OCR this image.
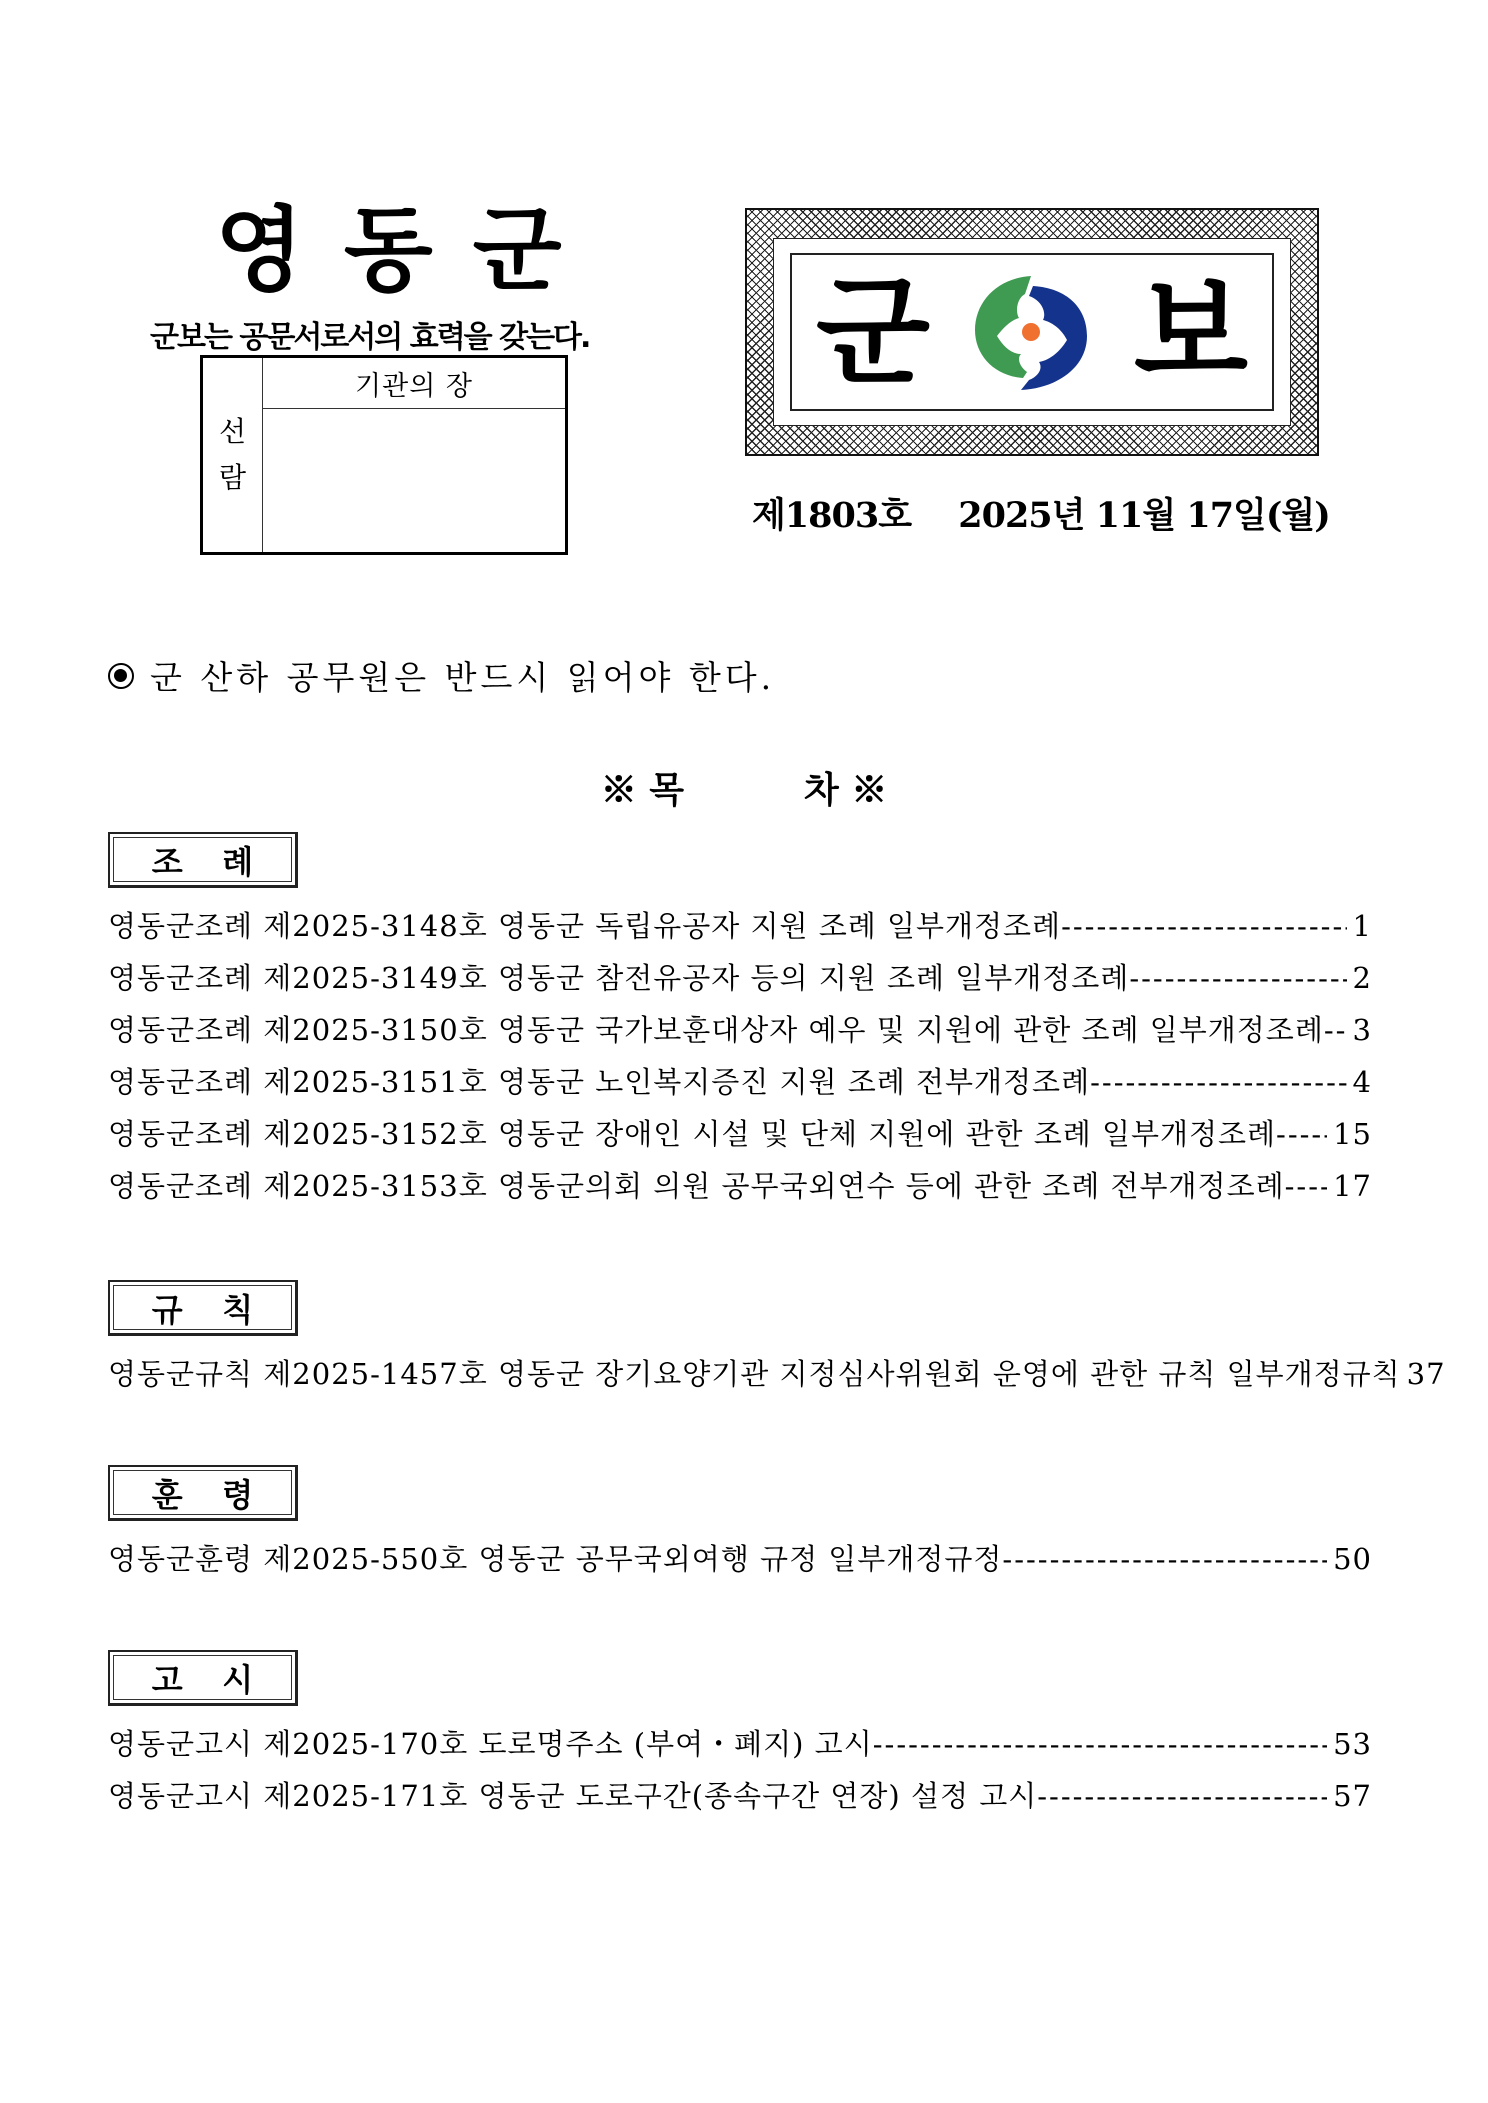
영동군
군보는 공문서로서의 효력을 갖는다.
선
람
기관의 장	군 보
제1803호 2025년 11월 17일(월)
군 산하 공무원은 반드시 읽어야 한다.
※ 목	차 ※
조 례
영동군조례 제2025-3148호 영동군 독립유공자 지원 조례 일부개정조례 -----	1
영동군조례 제2025-3149호 영동군 참전유공자 등의 지원 조례 일부개정조례 -----	2
영동군조례 제2025-3150호 영동군 국가보훈대상자 예우 및 지원에 관한 조례 일부개정조례 ----- 3
영동군조례 제2025-3151호 영동군 노인복지증진 지원 조례 전부개정조례 -----	4
영동군조례 제2025-3152호 영동군 장애인 시설 및 단체 지원에 관한 조례 일부개정조례 ----- 15
영동군조례 제2025-3153호 영동군의회 의원 공무국외연수 등에 관한 조례 전부개정조례 ----- 17
규 칙
영동군규칙 제2025-1457호 영동군 장기요양기관 지정심사위원회 운영에 관한 규칙 일부개정규칙 37
훈 령
영동군훈령 제2025-550호 영동군 공무국외여행 규정 일부개정규정 -----	50
고 시
영동군고시 제2025-170호 도로명주소 (부여・폐지) 고시 -----	53
영동군고시 제2025-171호 영동군 도로구간(종속구간 연장) 설정 고시 -----	57
